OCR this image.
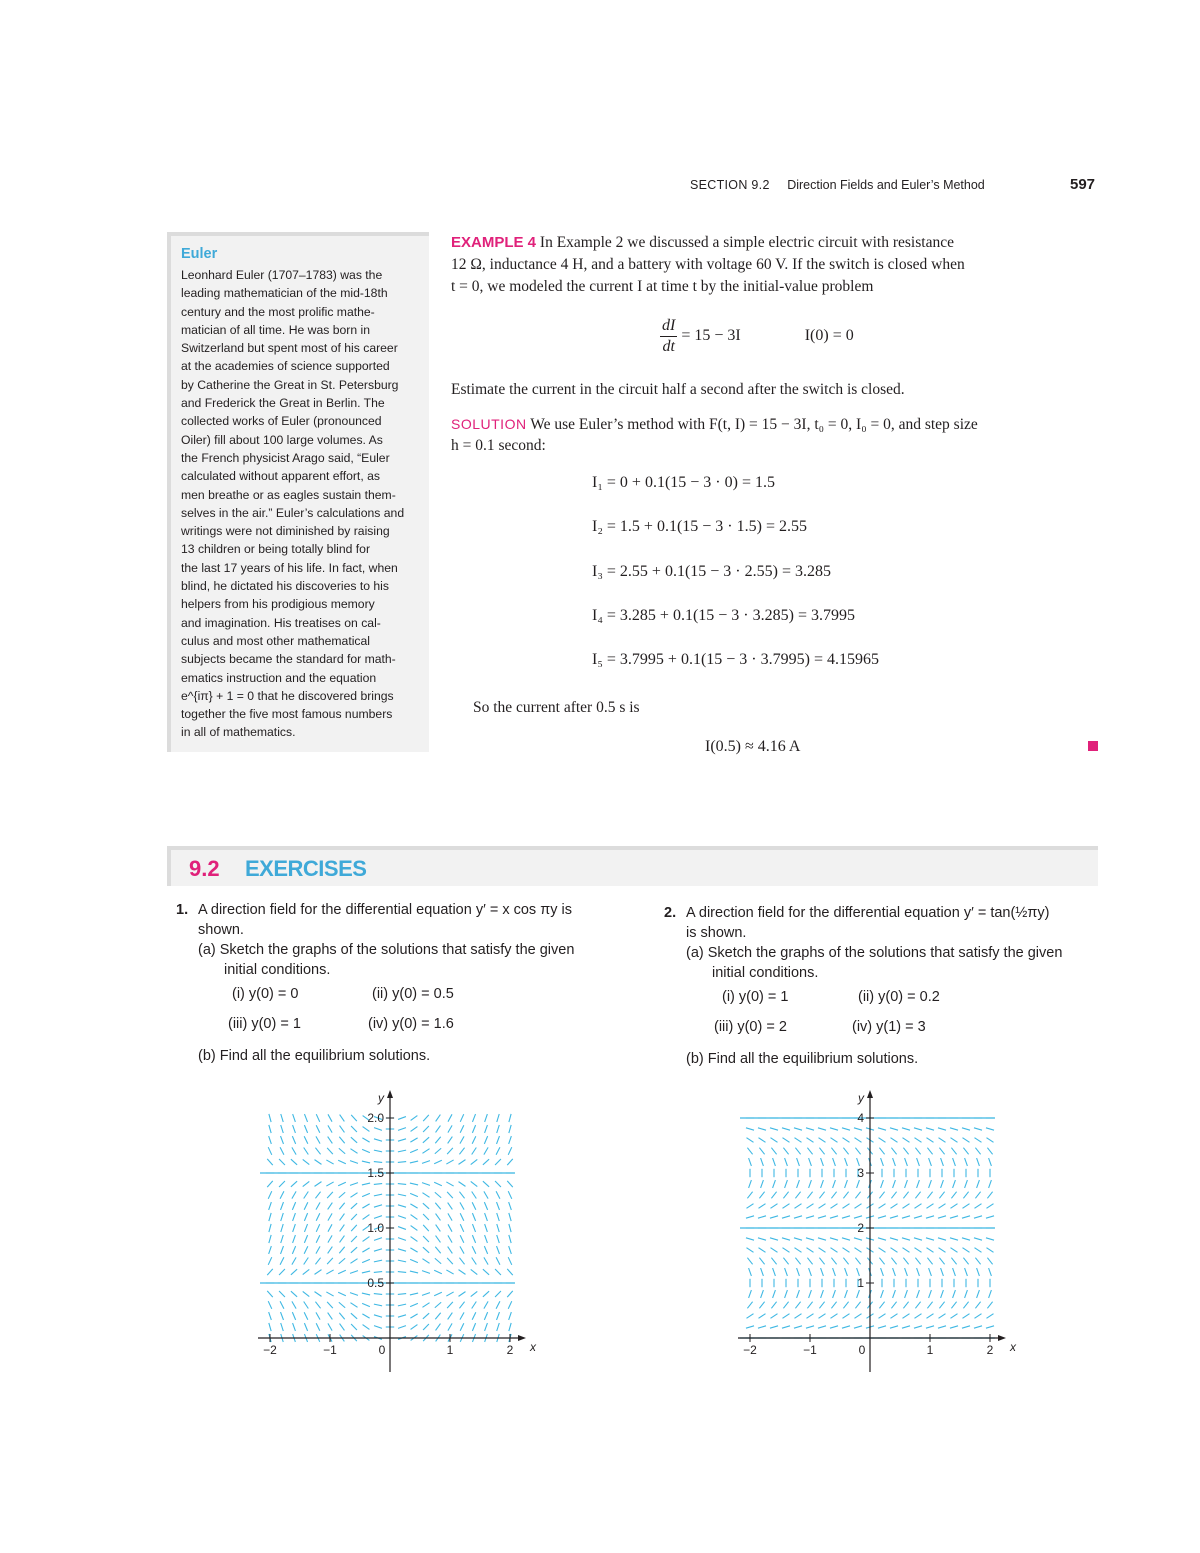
SECTION 9.2 Direction Fields and Euler’s Method	597
Euler
Leonhard Euler (1707–1783) was the
leading mathematician of the mid-18th
century and the most prolific mathe-
matician of all time. He was born in
Switzerland but spent most of his career
at the academies of science supported
by Catherine the Great in St. Petersburg
and Frederick the Great in Berlin. The
collected works of Euler (pronounced
Oiler) fill about 100 large volumes. As
the French physicist Arago said, “Euler
calculated without apparent effort, as
men breathe or as eagles sustain them-
selves in the air.” Euler’s calculations and
writings were not diminished by raising
13 children or being totally blind for
the last 17 years of his life. In fact, when
blind, he dictated his discoveries to his
helpers from his prodigious memory
and imagination. His treatises on cal-
culus and most other mathematical
subjects became the standard for math-
ematics instruction and the equation
e^{iπ} + 1 = 0 that he discovered brings
together the five most famous numbers
in all of mathematics.
EXAMPLE 4 In Example 2 we discussed a simple electric circuit with resistance
12 Ω, inductance 4 H, and a battery with voltage 60 V. If the switch is closed when
t = 0, we modeled the current I at time t by the initial-value problem
$\frac{dI}{dt} = 15 - 3I$	I(0) = 0
Estimate the current in the circuit half a second after the switch is closed.
SOLUTION We use Euler’s method with F(t, I) = 15 − 3I, t₀ = 0, I₀ = 0, and step size
h = 0.1 second:
I₁ = 0 + 0.1(15 − 3 · 0) = 1.5
I₂ = 1.5 + 0.1(15 − 3 · 1.5) = 2.55
I₃ = 2.55 + 0.1(15 − 3 · 2.55) = 3.285
I₄ = 3.285 + 0.1(15 − 3 · 3.285) = 3.7995
I₅ = 3.7995 + 0.1(15 − 3 · 3.7995) = 4.15965
So the current after 0.5 s is
I(0.5) ≈ 4.16 A
9.2 EXERCISES
1. A direction field for the differential equation y′ = x cos πy is
shown.
(a) Sketch the graphs of the solutions that satisfy the given
initial conditions.
(i) y(0) = 0	(ii) y(0) = 0.5
(iii) y(0) = 1	(iv) y(0) = 1.6
(b) Find all the equilibrium solutions.
2. A direction field for the differential equation y′ = tan(½πy)
is shown.
(a) Sketch the graphs of the solutions that satisfy the given
initial conditions.
(i) y(0) = 1	(ii) y(0) = 0.2
(iii) y(0) = 2	(iv) y(1) = 3
(b) Find all the equilibrium solutions.
−2	−1	0	1	2
0.5
1.0
1.5
2.0
x
y
−2	−1	0	1	2
1
2
3
4
x
y
